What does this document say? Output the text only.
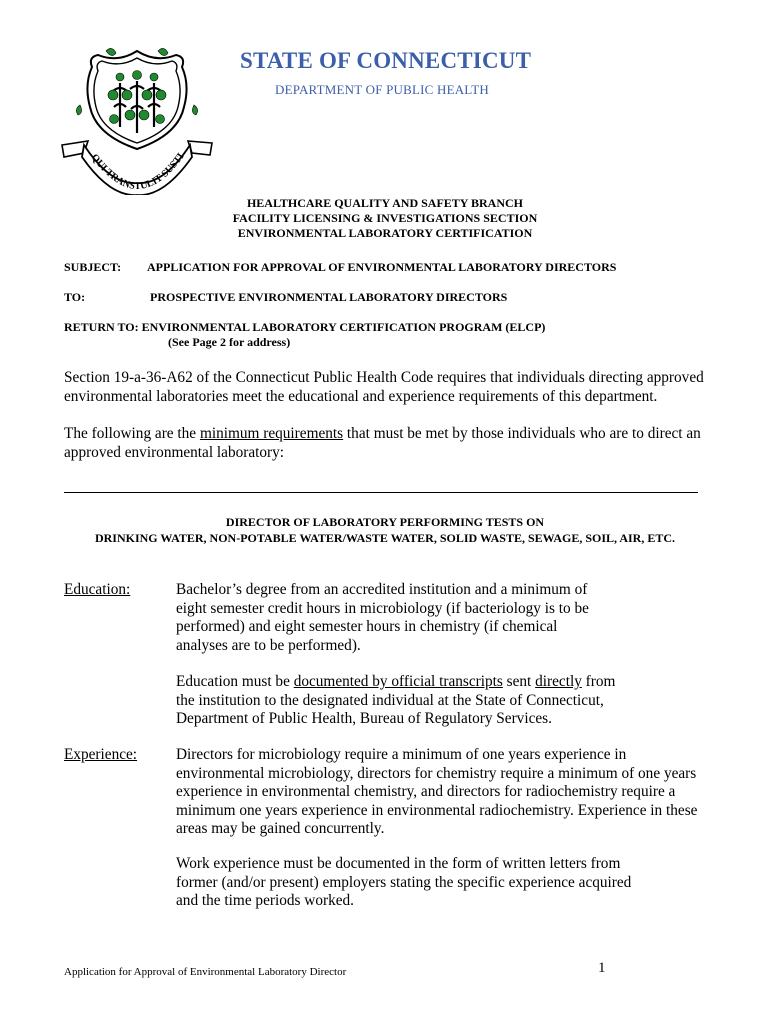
QUI TRANSTULIT SUSTI
STATE OF CONNECTICUT
DEPARTMENT OF PUBLIC HEALTH
HEALTHCARE QUALITY AND SAFETY BRANCH
FACILITY LICENSING & INVESTIGATIONS SECTION
ENVIRONMENTAL LABORATORY CERTIFICATION
SUBJECT: APPLICATION FOR APPROVAL OF ENVIRONMENTAL LABORATORY DIRECTORS
TO:	PROSPECTIVE ENVIRONMENTAL LABORATORY DIRECTORS
RETURN TO: ENVIRONMENTAL LABORATORY CERTIFICATION PROGRAM (ELCP)
(See Page 2 for address)
Section 19-a-36-A62 of the Connecticut Public Health Code requires that individuals directing approved environmental laboratories meet the educational and experience requirements of this department.
The following are the minimum requirements that must be met by those individuals who are to direct an approved environmental laboratory:
DIRECTOR OF LABORATORY PERFORMING TESTS ON
DRINKING WATER, NON-POTABLE WATER/WASTE WATER, SOLID WASTE, SEWAGE, SOIL, AIR, ETC.
Education:	Bachelor’s degree from an accredited institution and a minimum of eight semester credit hours in microbiology (if bacteriology is to be performed) and eight semester hours in chemistry (if chemical analyses are to be performed).
Education must be documented by official transcripts sent directly from the institution to the designated individual at the State of Connecticut, Department of Public Health, Bureau of Regulatory Services.
Experience:	Directors for microbiology require a minimum of one years experience in environmental microbiology, directors for chemistry require a minimum of one years experience in environmental chemistry, and directors for radiochemistry require a minimum one years experience in environmental radiochemistry. Experience in these areas may be gained concurrently.
Work experience must be documented in the form of written letters from former (and/or present) employers stating the specific experience acquired and the time periods worked.
Application for Approval of Environmental Laboratory Director	1
